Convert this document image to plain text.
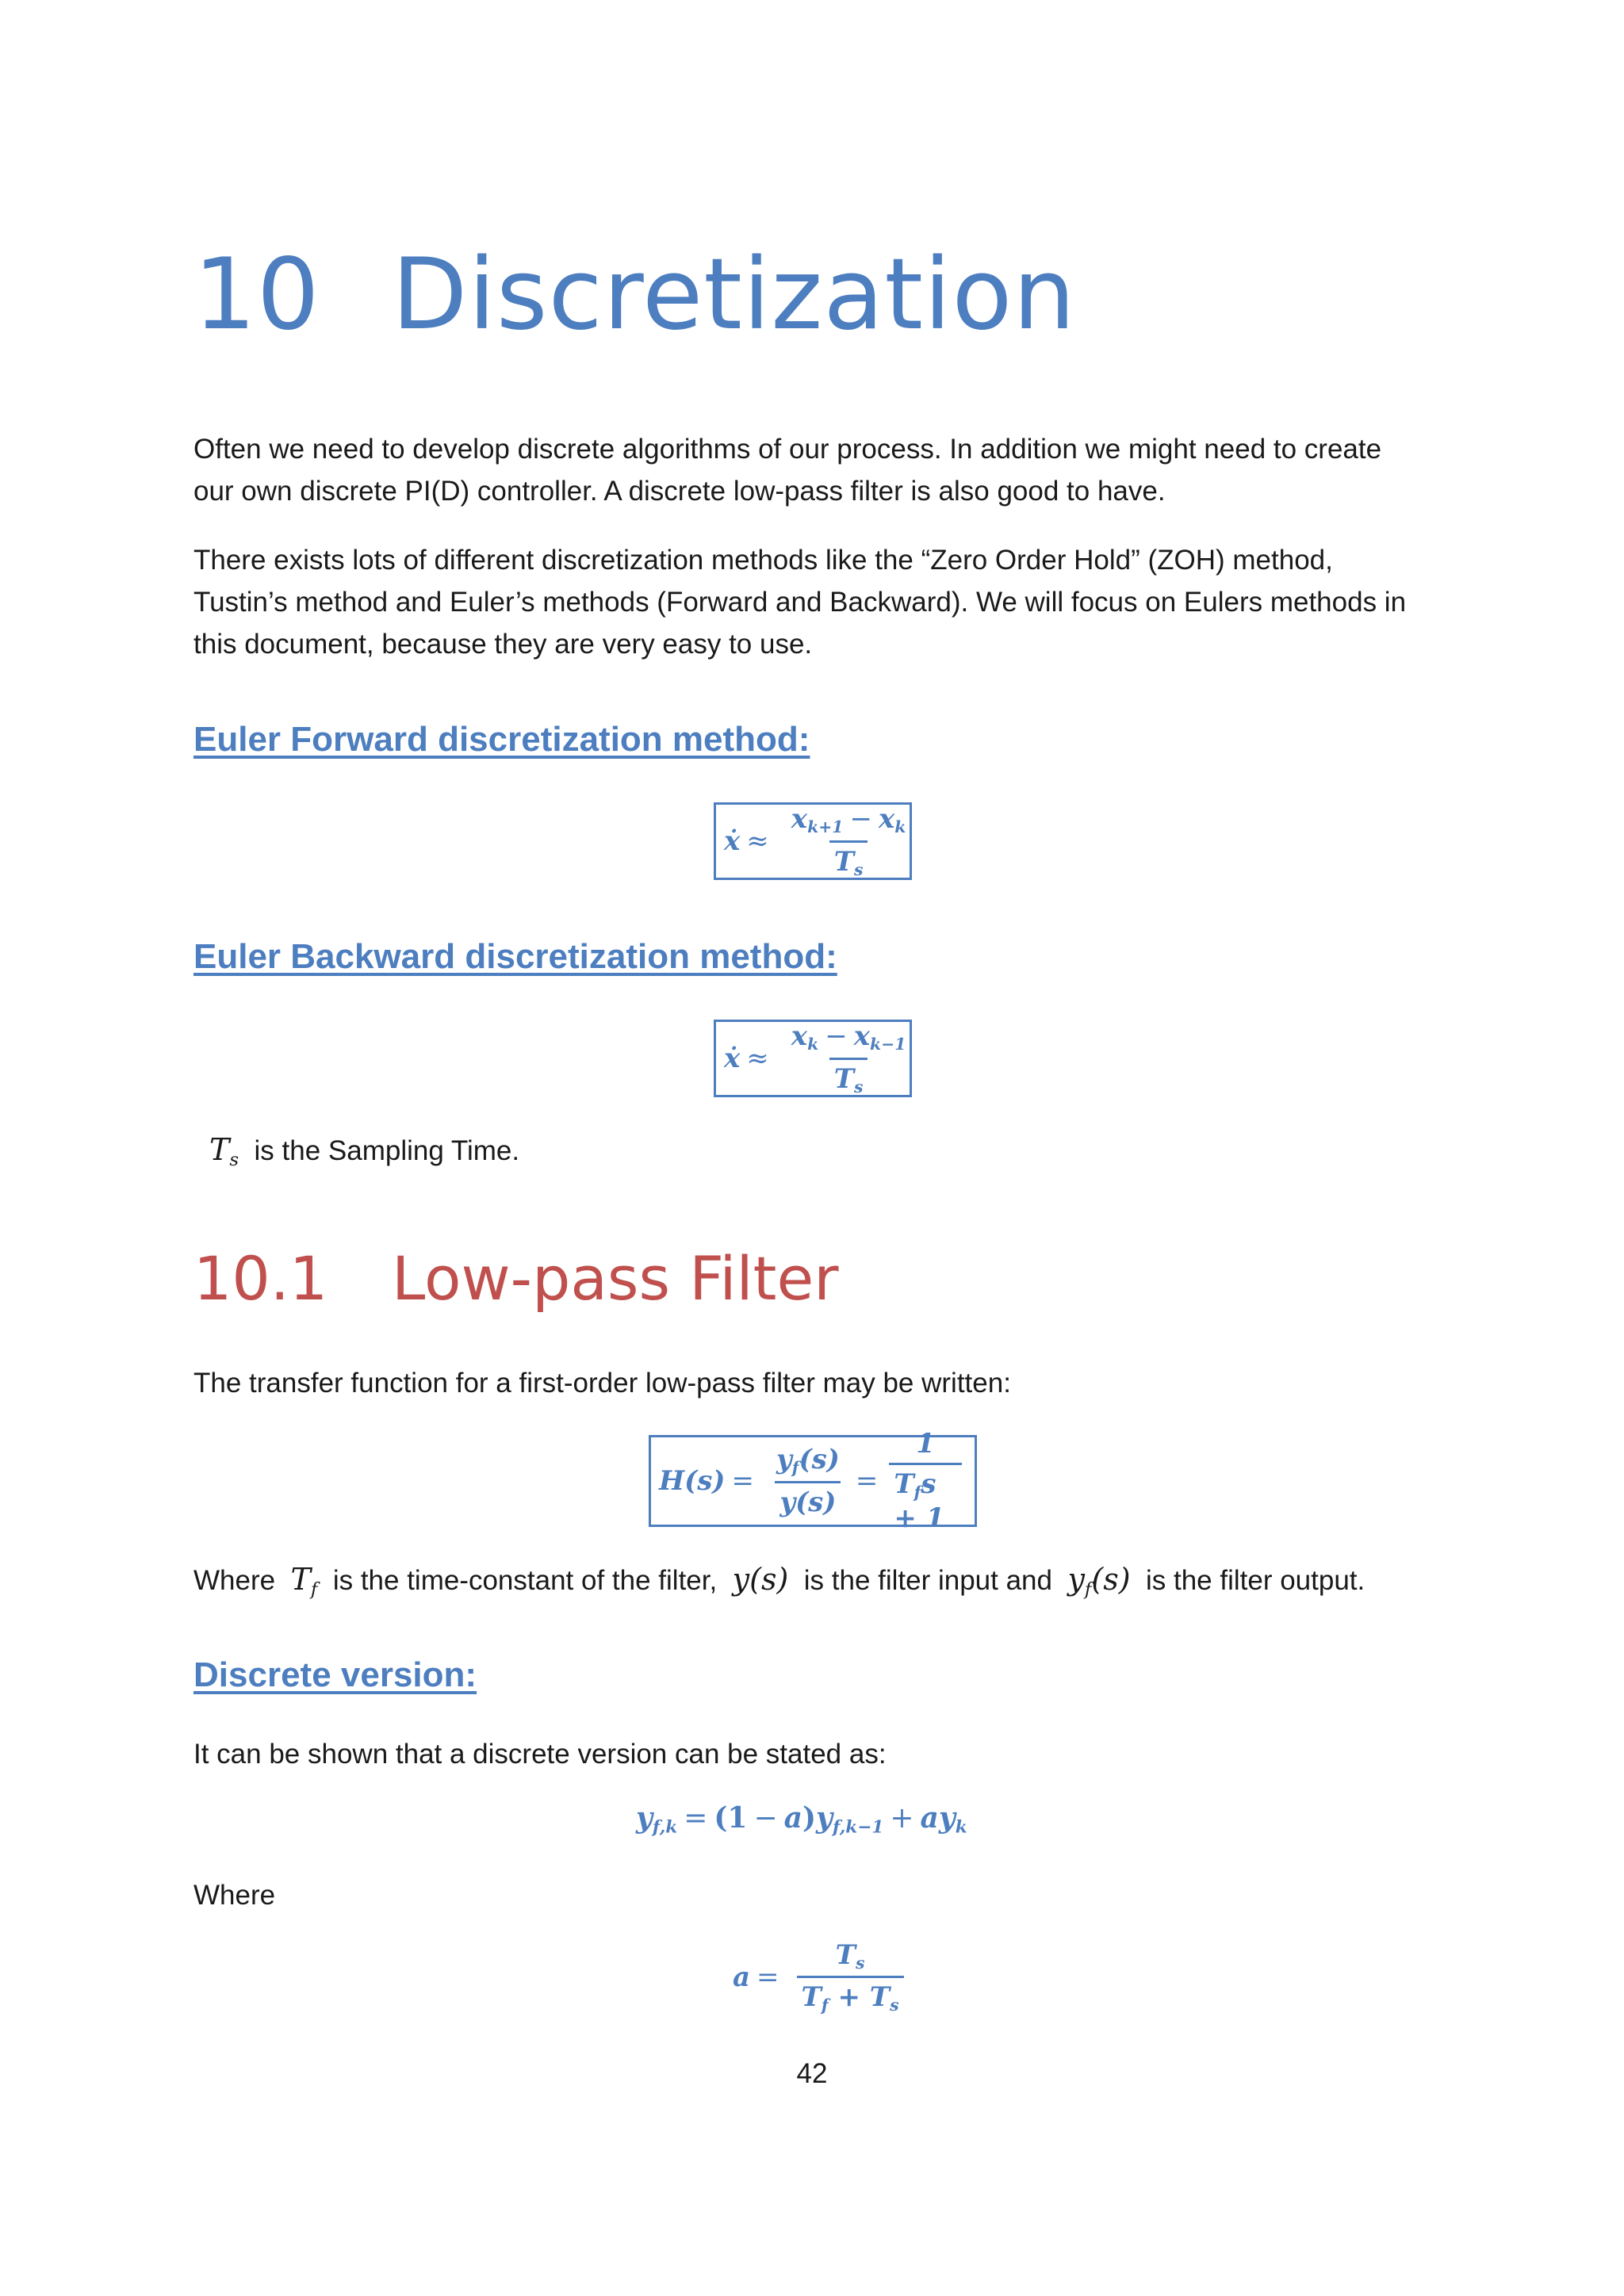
10 Discretization
Often we need to develop discrete algorithms of our process. In addition we might need to create
our own discrete PI(D) controller. A discrete low-pass filter is also good to have.
There exists lots of different discretization methods like the “Zero Order Hold” (ZOH) method,
Tustin’s method and Euler’s methods (Forward and Backward). We will focus on Eulers methods in
this document, because they are very easy to use.
Euler Forward discretization method:
ẋ ≈ $\frac{x_{k+1} - x_k}{T_s}$
Euler Backward discretization method:
ẋ ≈ $\frac{x_k - x_{k-1}}{T_s}$
$T_s$ is the Sampling Time.
10.1 Low-pass Filter
The transfer function for a first-order low-pass filter may be written:
$H(s) = \frac{y_f(s)}{y(s)} = \frac{1}{T_fs + 1}$
Where $T_f$ is the time-constant of the filter, y(s) is the filter input and $y_f(s)$ is the filter output.
Discrete version:
It can be shown that a discrete version can be stated as:
$y_{f,k} = (1 - a)y_{f,k-1} + ay_k$
Where
$a = \frac{T_s}{T_f + T_s}$
42
